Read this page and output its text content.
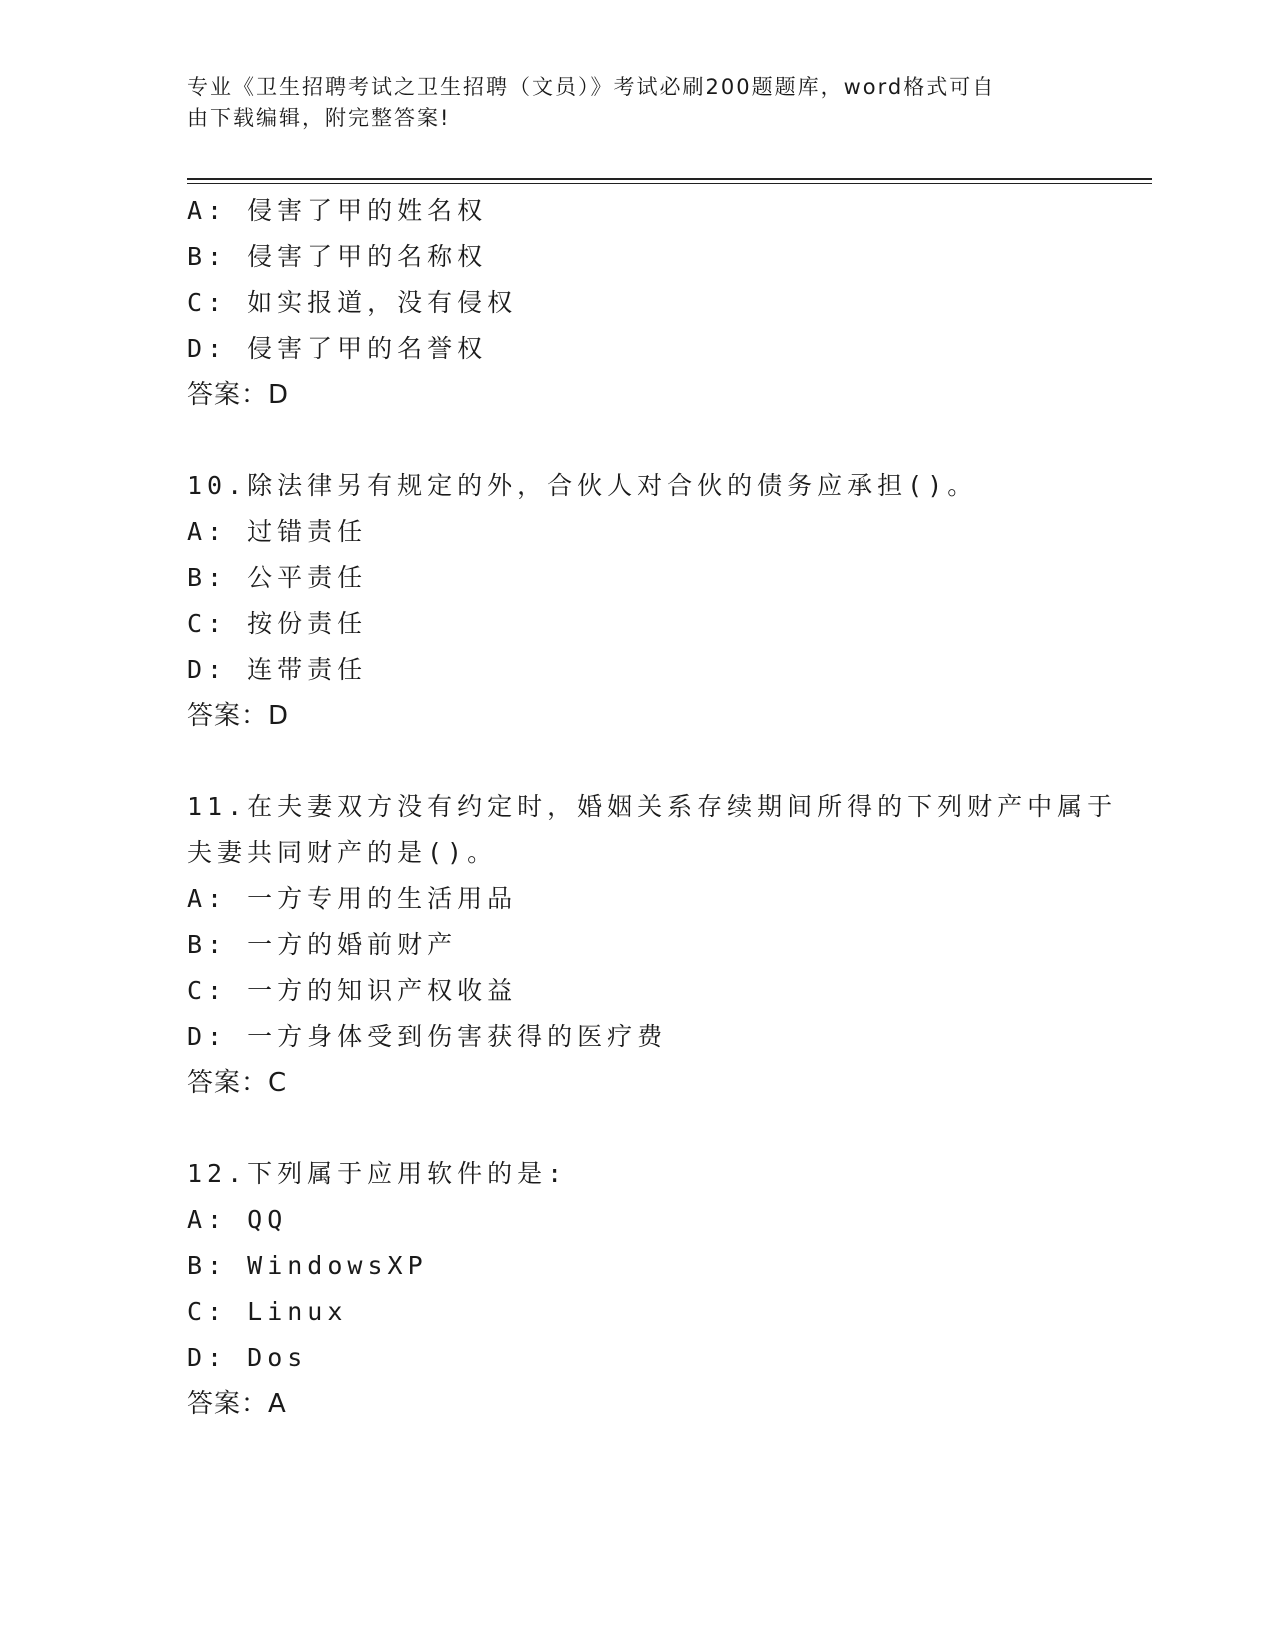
专业《卫生招聘考试之卫生招聘（文员）》考试必刷200题题库，word格式可自
由下载编辑，附完整答案!
A: 侵害了甲的姓名权
B: 侵害了甲的名称权
C: 如实报道，没有侵权
D: 侵害了甲的名誉权
答案：D
10.除法律另有规定的外，合伙人对合伙的债务应承担()。
A: 过错责任
B: 公平责任
C: 按份责任
D: 连带责任
答案：D
11.在夫妻双方没有约定时，婚姻关系存续期间所得的下列财产中属于
夫妻共同财产的是()。
A: 一方专用的生活用品
B: 一方的婚前财产
C: 一方的知识产权收益
D: 一方身体受到伤害获得的医疗费
答案：C
12.下列属于应用软件的是:
A: QQ
B: WindowsXP
C: Linux
D: Dos
答案：A
